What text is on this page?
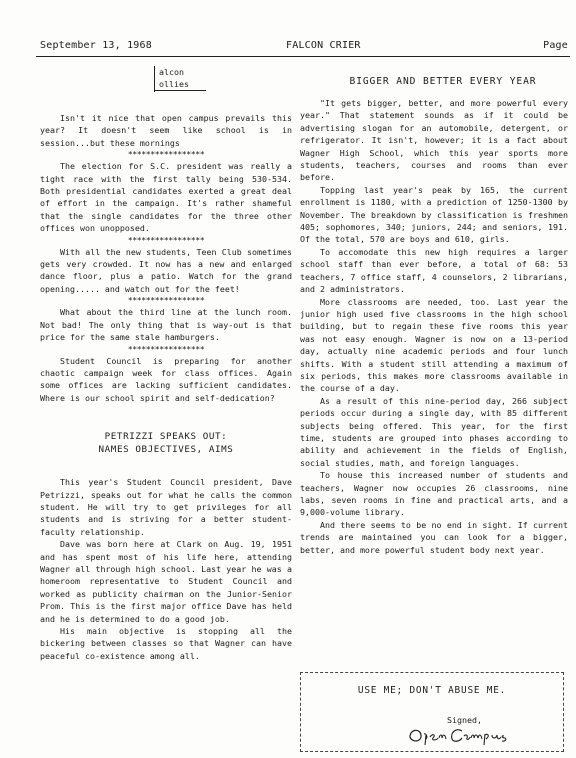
September 13, 1968	FALCON CRIER	Page
alcon
ollies

Isn't it nice that open campus prevails this year? It doesn't seem like school is in session...but these mornings

*****************

The election for S.C. president was really a tight race with the first tally being 530-534. Both presidential candidates exerted a great deal of effort in the campaign. It's rather shameful that the single candidates for the three other offices won unopposed.

*****************

With all the new students, Teen Club sometimes gets very crowded. It now has a new and enlarged dance floor, plus a patio. Watch for the grand opening..... and watch out for the feet!

*****************

What about the third line at the lunch room. Not bad! The only thing that is way-out is that price for the same stale hamburgers.

*****************

Student Council is preparing for another chaotic campaign week for class offices. Again some offices are lacking sufficient candidates. Where is our school spirit and self-dedication?

PETRIZZI SPEAKS OUT:
NAMES OBJECTIVES, AIMS

This year's Student Council president, Dave Petrizzi, speaks out for what he calls the common student. He will try to get privileges for all students and is striving for a better student-faculty relationship.

Dave was born here at Clark on Aug. 19, 1951 and has spent most of his life here, attending Wagner all through high school. Last year he was a homeroom representative to Student Council and worked as publicity chairman on the Junior-Senior Prom. This is the first major office Dave has held and he is determined to do a good job.

His main objective is stopping all the bickering between classes so that Wagner can have peaceful co-existence among all.

BIGGER AND BETTER EVERY YEAR

"It gets bigger, better, and more powerful every year." That statement sounds as if it could be advertising slogan for an automobile, detergent, or refrigerator. It isn't, however; it is a fact about Wagner High School, which this year sports more students, teachers, courses and rooms than ever before.

Topping last year's peak by 165, the current enrollment is 1180, with a prediction of 1250-1300 by November. The breakdown by classification is freshmen 405; sophomores, 340; juniors, 244; and seniors, 191. Of the total, 570 are boys and 610, girls.

To accomodate this new high requires a larger school staff than ever before, a total of 68: 53 teachers, 7 office staff, 4 counselors, 2 librarians, and 2 administrators.

More classrooms are needed, too. Last year the junior high used five classrooms in the high school building, but to regain these five rooms this year was not easy enough. Wagner is now on a 13-period day, actually nine academic periods and four lunch shifts. With a student still attending a maximum of six periods, this makes more classrooms available in the course of a day.

As a result of this nine-period day, 266 subject periods occur during a single day, with 85 different subjects being offered. This year, for the first time, students are grouped into phases according to ability and achievement in the fields of English, social studies, math, and foreign languages.

To house this increased number of students and teachers, Wagner now occupies 26 classrooms, nine labs, seven rooms in fine and practical arts, and a 9,000-volume library.

And there seems to be no end in sight. If current trends are maintained you can look for a bigger, better, and more powerful student body next year.

USE ME; DON'T ABUSE ME.
Signed,
